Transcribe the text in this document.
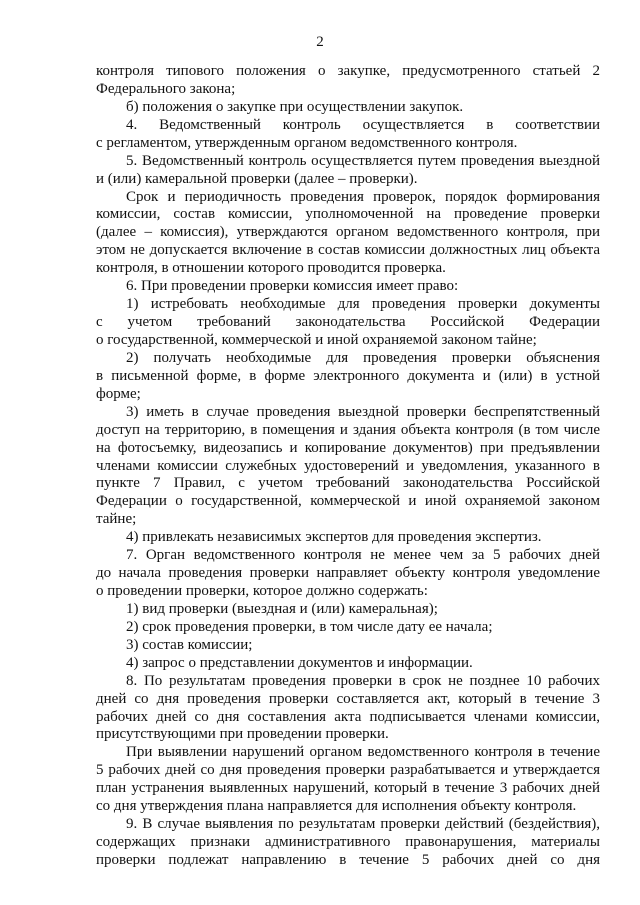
2
контроля типового положения о закупке, предусмотренного статьей 2
Федерального закона;
б) положения о закупке при осуществлении закупок.
4. Ведомственный контроль осуществляется в соответствии
с регламентом, утвержденным органом ведомственного контроля.
5. Ведомственный контроль осуществляется путем проведения выездной
и (или) камеральной проверки (далее – проверки).
Срок и периодичность проведения проверок, порядок формирования
комиссии, состав комиссии, уполномоченной на проведение проверки
(далее – комиссия), утверждаются органом ведомственного контроля, при
этом не допускается включение в состав комиссии должностных лиц объекта
контроля, в отношении которого проводится проверка.
6. При проведении проверки комиссия имеет право:
1) истребовать необходимые для проведения проверки документы
с учетом требований законодательства Российской Федерации
о государственной, коммерческой и иной охраняемой законом тайне;
2) получать необходимые для проведения проверки объяснения
в письменной форме, в форме электронного документа и (или) в устной
форме;
3) иметь в случае проведения выездной проверки беспрепятственный
доступ на территорию, в помещения и здания объекта контроля (в том числе
на фотосъемку, видеозапись и копирование документов) при предъявлении
членами комиссии служебных удостоверений и уведомления, указанного в
пункте 7 Правил, с учетом требований законодательства Российской
Федерации о государственной, коммерческой и иной охраняемой законом
тайне;
4) привлекать независимых экспертов для проведения экспертиз.
7. Орган ведомственного контроля не менее чем за 5 рабочих дней
до начала проведения проверки направляет объекту контроля уведомление
о проведении проверки, которое должно содержать:
1) вид проверки (выездная и (или) камеральная);
2) срок проведения проверки, в том числе дату ее начала;
3) состав комиссии;
4) запрос о представлении документов и информации.
8. По результатам проведения проверки в срок не позднее 10 рабочих
дней со дня проведения проверки составляется акт, который в течение 3
рабочих дней со дня составления акта подписывается членами комиссии,
присутствующими при проведении проверки.
При выявлении нарушений органом ведомственного контроля в течение
5 рабочих дней со дня проведения проверки разрабатывается и утверждается
план устранения выявленных нарушений, который в течение 3 рабочих дней
со дня утверждения плана направляется для исполнения объекту контроля.
9. В случае выявления по результатам проверки действий (бездействия),
содержащих признаки административного правонарушения, материалы
проверки подлежат направлению в течение 5 рабочих дней со дня
